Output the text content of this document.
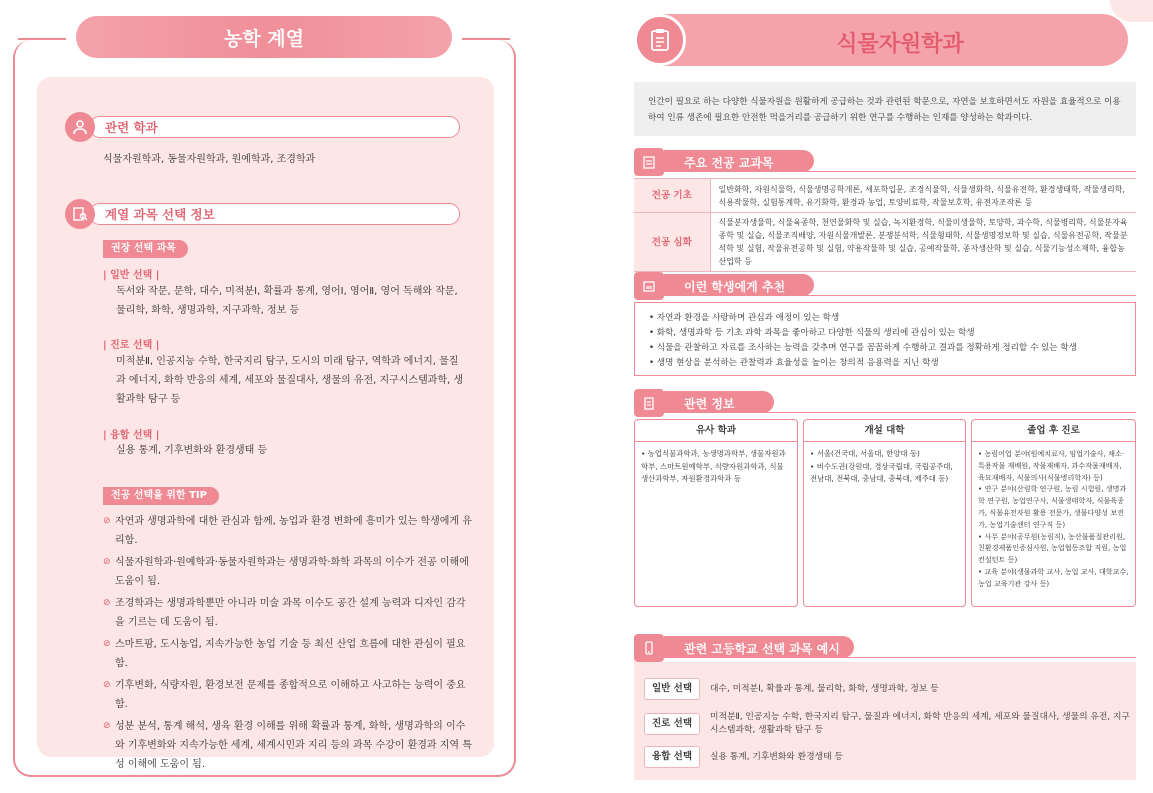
농학 계열
관련 학과
식물자원학과, 동물자원학과, 원예학과, 조경학과
계열 과목 선택 정보
권장 선택 과목
| 일반 선택 |
독서와 작문, 문학, 대수, 미적분Ⅰ, 확률과 통계, 영어Ⅰ, 영어Ⅱ, 영어 독해와 작문, 물리학, 화학, 생명과학, 지구과학, 정보 등
| 진로 선택 |
미적분Ⅱ, 인공지능 수학, 한국지리 탐구, 도시의 미래 탐구, 역학과 에너지, 물질과 에너지, 화학 반응의 세계, 세포와 물질대사, 생물의 유전, 지구시스템과학, 생활과학 탐구 등
| 융합 선택 |
실용 통계, 기후변화와 환경생태 등
전공 선택을 위한 TIP
⊘ 자연과 생명과학에 대한 관심과 함께, 농업과 환경 변화에 흥미가 있는 학생에게 유리함.
⊘ 식물자원학과·원예학과·동물자원학과는 생명과학·화학 과목의 이수가 전공 이해에 도움이 됨.
⊘ 조경학과는 생명과학뿐만 아니라 미술 과목 이수도 공간 설계 능력과 디자인 감각을 기르는 데 도움이 됨.
⊘ 스마트팜, 도시농업, 지속가능한 농업 기술 등 최신 산업 흐름에 대한 관심이 필요함.
⊘ 기후변화, 식량자원, 환경보전 문제를 종합적으로 이해하고 사고하는 능력이 중요함.
⊘ 성분 분석, 통계 해석, 생육 환경 이해를 위해 확률과 통계, 화학, 생명과학의 이수와 기후변화와 지속가능한 세계, 세계시민과 지리 등의 과목 수강이 환경과 지역 특성 이해에 도움이 됨.
식물자원학과
인간이 필요로 하는 다양한 식물자원을 원활하게 공급하는 것과 관련된 학문으로, 자연을 보호하면서도 자원을 효율적으로 이용하여 인류 생존에 필요한 안전한 먹을거리를 공급하기 위한 연구를 수행하는 인재를 양성하는 학과이다.
주요 전공 교과목
전공 기초	일반화학, 자원식물학, 식물생명공학개론, 세포학입문, 조경식물학, 식물생화학, 식물유전학, 환경생태학, 작물생리학, 식용작물학, 실험통계학, 유기화학, 환경과 농업, 토양비료학, 작물보호학, 유전자조작론 등
전공 심화	식물분자생물학, 식물육종학, 천연물화학 및 실습, 녹지환경학, 식물미생물학, 토양학, 과수학, 식물병리학, 식물분자육종학 및 실습, 식물조직배양, 자원식물개발론, 분쟁분석학, 식물형태학, 식물생명정보학 및 실습, 식물유전공학, 작물분석학 및 실험, 작물유전공학 및 실험, 약용작물학 및 실습, 공예작물학, 종자생산학 및 실습, 식물기능성소재학, 융합농산업학 등
이런 학생에게 추천
• 자연과 환경을 사랑하며 관심과 애정이 있는 학생
• 화학, 생명과학 등 기초 과학 과목을 좋아하고 다양한 식물의 생리에 관심이 있는 학생
• 식물을 관찰하고 자료를 조사하는 능력을 갖추며 연구를 꼼꼼하게 수행하고 결과를 정확하게 정리할 수 있는 학생
• 생명 현상을 분석하는 관찰력과 효율성을 높이는 창의적 응용력을 지닌 학생
관련 정보
유사 학과
• 농업식물과학과, 농생명과학부, 생물자원과학부, 스마트원예학부, 식량자원과학과, 식물 생산과학부, 자원환경과학과 등
개설 대학
• 서울(건국대, 서울대, 한양대 등)
• 비수도권(강원대, 경상국립대, 국립공주대, 전남대, 전북대, 충남대, 충북대, 제주대 등)
졸업 후 진로
• 농림어업 분야(원예치료사, 임업기술사, 채소·특용작물 재배원, 작물재배자, 과수작물재배자, 육묘재배자, 식물의사(식물병리학자) 등)
• 연구 분야(산림학 연구원, 농림 시험원, 생명과학 연구원, 농업연구사, 식물생태학자, 식물육종가, 식물유전자원 활용 전문가, 생물다양성 보전가, 농업기술센터 연구직 등)
• 사무 분야(공무원(농림직), 농산물품질관리원, 친환경제품인증심사원, 농업협동조합 직원, 농업 컨설턴트 등)
• 교육 분야(생물과학 교사, 농업 교사, 대학교수, 농업 교육기관 강사 등)
관련 고등학교 선택 과목 예시
일반 선택	대수, 미적분Ⅰ, 확률과 통계, 물리학, 화학, 생명과학, 정보 등
진로 선택
미적분Ⅱ, 인공지능 수학, 한국지리 탐구, 물질과 에너지, 화학 반응의 세계, 세포와 물질대사, 생물의 유전, 지구시스템과학, 생활과학 탐구 등
융합 선택	실용 통계, 기후변화와 환경생태 등
